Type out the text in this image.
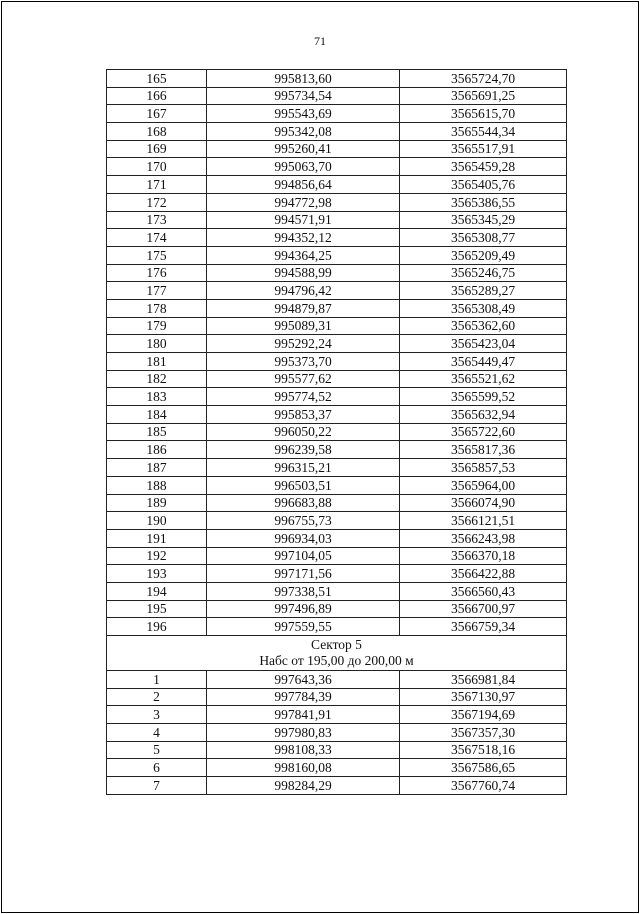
71
165	995813,60	3565724,70
166	995734,54	3565691,25
167	995543,69	3565615,70
168	995342,08	3565544,34
169	995260,41	3565517,91
170	995063,70	3565459,28
171	994856,64	3565405,76
172	994772,98	3565386,55
173	994571,91	3565345,29
174	994352,12	3565308,77
175	994364,25	3565209,49
176	994588,99	3565246,75
177	994796,42	3565289,27
178	994879,87	3565308,49
179	995089,31	3565362,60
180	995292,24	3565423,04
181	995373,70	3565449,47
182	995577,62	3565521,62
183	995774,52	3565599,52
184	995853,37	3565632,94
185	996050,22	3565722,60
186	996239,58	3565817,36
187	996315,21	3565857,53
188	996503,51	3565964,00
189	996683,88	3566074,90
190	996755,73	3566121,51
191	996934,03	3566243,98
192	997104,05	3566370,18
193	997171,56	3566422,88
194	997338,51	3566560,43
195	997496,89	3566700,97
196	997559,55	3566759,34

Сектор 5
Набс от 195,00 до 200,00 м		

1	997643,36	3566981,84
2	997784,39	3567130,97
3	997841,91	3567194,69
4	997980,83	3567357,30
5	998108,33	3567518,16
6	998160,08	3567586,65
7	998284,29	3567760,74
